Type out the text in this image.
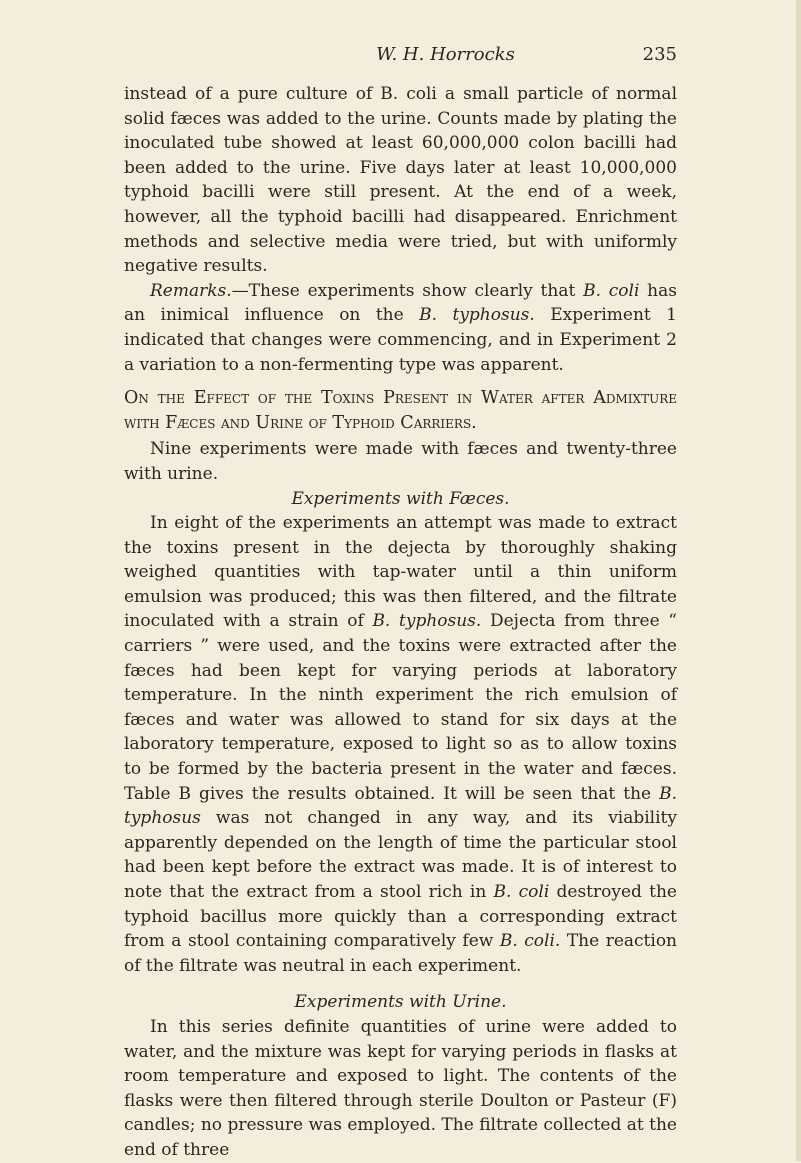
W. H. Horrocks	235

instead of a pure culture of B. coli a small particle of normal solid fæces was added to the urine. Counts made by plating the inoculated tube showed at least 60,000,000 colon bacilli had been added to the urine. Five days later at least 10,000,000 typhoid bacilli were still present. At the end of a week, however, all the typhoid bacilli had disappeared. Enrichment methods and selective media were tried, but with uniformly negative results.

Remarks.—These experiments show clearly that B. coli has an inimical influence on the B. typhosus. Experiment 1 indicated that changes were commencing, and in Experiment 2 a variation to a non-fermenting type was apparent.

On the Effect of the Toxins Present in Water after Admixture with Fæces and Urine of Typhoid Carriers.

Nine experiments were made with fæces and twenty-three with urine.

Experiments with Fæces.

In eight of the experiments an attempt was made to extract the toxins present in the dejecta by thoroughly shaking weighed quantities with tap-water until a thin uniform emulsion was produced; this was then filtered, and the filtrate inoculated with a strain of B. typhosus. Dejecta from three “ carriers ” were used, and the toxins were extracted after the fæces had been kept for varying periods at laboratory temperature. In the ninth experiment the rich emulsion of fæces and water was allowed to stand for six days at the laboratory temperature, exposed to light so as to allow toxins to be formed by the bacteria present in the water and fæces. Table B gives the results obtained. It will be seen that the B. typhosus was not changed in any way, and its viability apparently depended on the length of time the particular stool had been kept before the extract was made. It is of interest to note that the extract from a stool rich in B. coli destroyed the typhoid bacillus more quickly than a corresponding extract from a stool containing comparatively few B. coli. The reaction of the filtrate was neutral in each experiment.

Experiments with Urine.

In this series definite quantities of urine were added to water, and the mixture was kept for varying periods in flasks at room temperature and exposed to light. The contents of the flasks were then filtered through sterile Doulton or Pasteur (F) candles; no pressure was employed. The filtrate collected at the end of three
